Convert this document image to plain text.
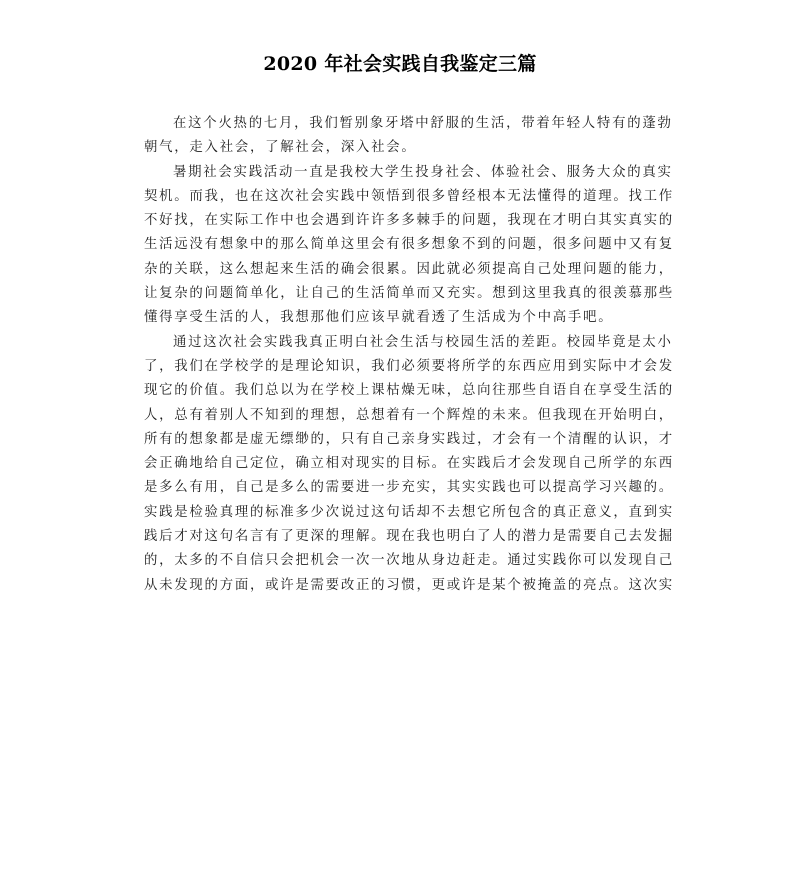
2020 年社会实践自我鉴定三篇
在这个火热的七月，我们暂别象牙塔中舒服的生活，带着年轻人特有的蓬勃
朝气，走入社会，了解社会，深入社会。
暑期社会实践活动一直是我校大学生投身社会、体验社会、服务大众的真实
契机。而我，也在这次社会实践中领悟到很多曾经根本无法懂得的道理。找工作
不好找，在实际工作中也会遇到许许多多棘手的问题，我现在才明白其实真实的
生活远没有想象中的那么简单这里会有很多想象不到的问题，很多问题中又有复
杂的关联，这么想起来生活的确会很累。因此就必须提高自己处理问题的能力，
让复杂的问题简单化，让自己的生活简单而又充实。想到这里我真的很羡慕那些
懂得享受生活的人，我想那他们应该早就看透了生活成为个中高手吧。
通过这次社会实践我真正明白社会生活与校园生活的差距。校园毕竟是太小
了，我们在学校学的是理论知识，我们必须要将所学的东西应用到实际中才会发
现它的价值。我们总以为在学校上课枯燥无味，总向往那些自语自在享受生活的
人，总有着别人不知到的理想，总想着有一个辉煌的未来。但我现在开始明白，
所有的想象都是虚无缥缈的，只有自己亲身实践过，才会有一个清醒的认识，才
会正确地给自己定位，确立相对现实的目标。在实践后才会发现自己所学的东西
是多么有用，自己是多么的需要进一步充实，其实实践也可以提高学习兴趣的。
实践是检验真理的标准多少次说过这句话却不去想它所包含的真正意义，直到实
践后才对这句名言有了更深的理解。现在我也明白了人的潜力是需要自己去发掘
的，太多的不自信只会把机会一次一次地从身边赶走。通过实践你可以发现自己
从未发现的方面，或许是需要改正的习惯，更或许是某个被掩盖的亮点。这次实
